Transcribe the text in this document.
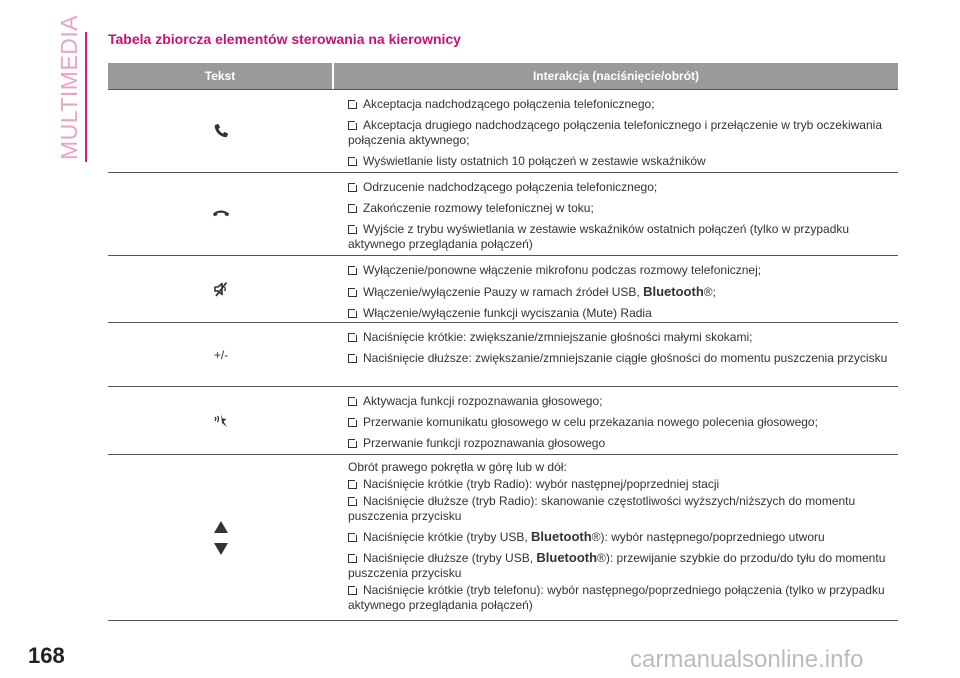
MULTIMEDIA Tabela zbiorcza elementów sterowania na kierownicy
Tekst	Interakcja (naciśnięcie/obrót)
Akceptacja nadchodzącego połączenia telefonicznego;
Akceptacja drugiego nadchodzącego połączenia telefonicznego i przełączenie w tryb oczekiwania połączenia aktywnego;
Wyświetlanie listy ostatnich 10 połączeń w zestawie wskaźników
Odrzucenie nadchodzącego połączenia telefonicznego;
Zakończenie rozmowy telefonicznej w toku;
Wyjście z trybu wyświetlania w zestawie wskaźników ostatnich połączeń (tylko w przypadku aktywnego przeglądania połączeń)
Wyłączenie/ponowne włączenie mikrofonu podczas rozmowy telefonicznej;
Włączenie/wyłączenie Pauzy w ramach źródeł USB, Bluetooth®;
Włączenie/wyłączenie funkcji wyciszania (Mute) Radia
+/-
Naciśnięcie krótkie: zwiększanie/zmniejszanie głośności małymi skokami;
Naciśnięcie dłuższe: zwiększanie/zmniejszanie ciągłe głośności do momentu puszczenia przycisku
Aktywacja funkcji rozpoznawania głosowego;
Przerwanie komunikatu głosowego w celu przekazania nowego polecenia głosowego;
Przerwanie funkcji rozpoznawania głosowego
Obrót prawego pokrętła w górę lub w dół:
Naciśnięcie krótkie (tryb Radio): wybór następnej/poprzedniej stacji
Naciśnięcie dłuższe (tryb Radio): skanowanie częstotliwości wyższych/niższych do momentu puszczenia przycisku
Naciśnięcie krótkie (tryby USB, Bluetooth®): wybór następnego/poprzedniego utworu
Naciśnięcie dłuższe (tryby USB, Bluetooth®): przewijanie szybkie do przodu/do tyłu do momentu puszczenia przycisku
Naciśnięcie krótkie (tryb telefonu): wybór następnego/poprzedniego połączenia (tylko w przypadku aktywnego przeglądania połączeń)
168	carmanualsonline.info
